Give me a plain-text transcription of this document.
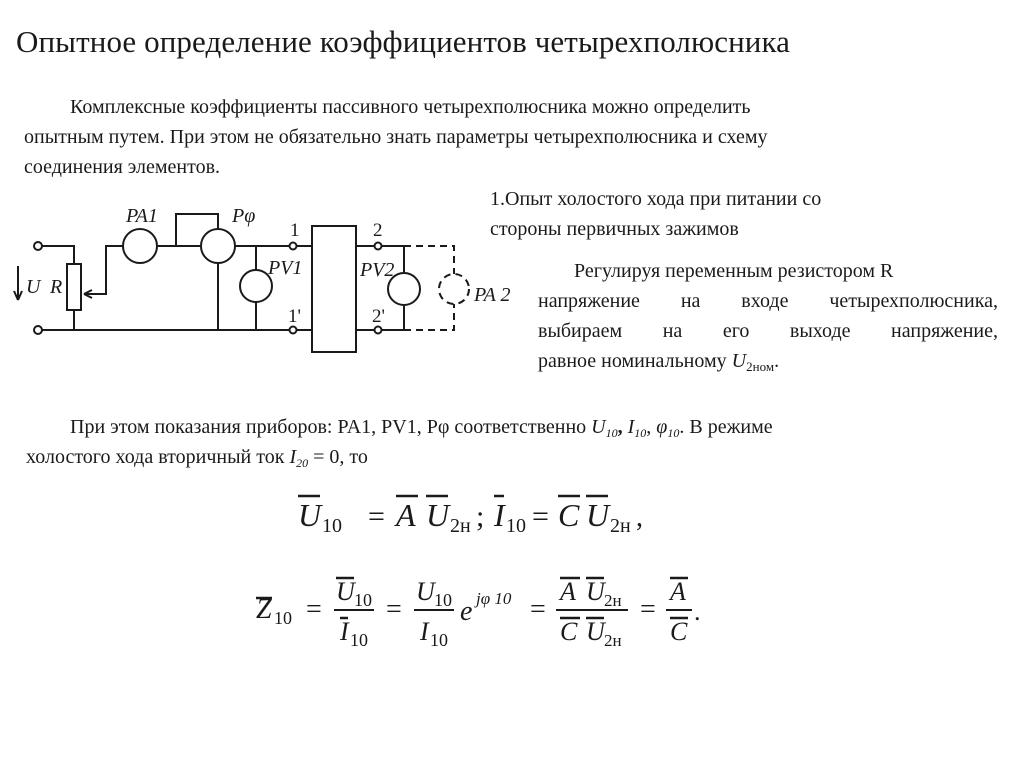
Опытное определение коэффициентов четырехполюсника
Комплексные коэффициенты пассивного четырехполюсника можно определить
опытным путем. При этом не обязательно знать параметры четырехполюсника и схему
соединения элементов.
1.Опыт холостого хода при питании со
стороны первичных зажимов
Регулируя переменным резистором R
напряжение на входе четырехполюсника,
выбираем на его выходе напряжение,
равное номинальному $U_{2ном}$.
При этом показания приборов: PA1, PV1, Pφ соответственно $U_{10}$, $I_{10}$, $\varphi_{10}$. В режиме
холостого хода вторичный ток $I_{20} = 0$, то
PA1	Pφ
PV1	PV2
PA 2
U R
1
1'
2
2'
U 10 = A U 2н ; I 10 = C U 2н ,
Z 10 =
U 10
I 10
=
U 10
I 10
e jφ 10 =
A U 2н
C U 2н
=
A
C
.
